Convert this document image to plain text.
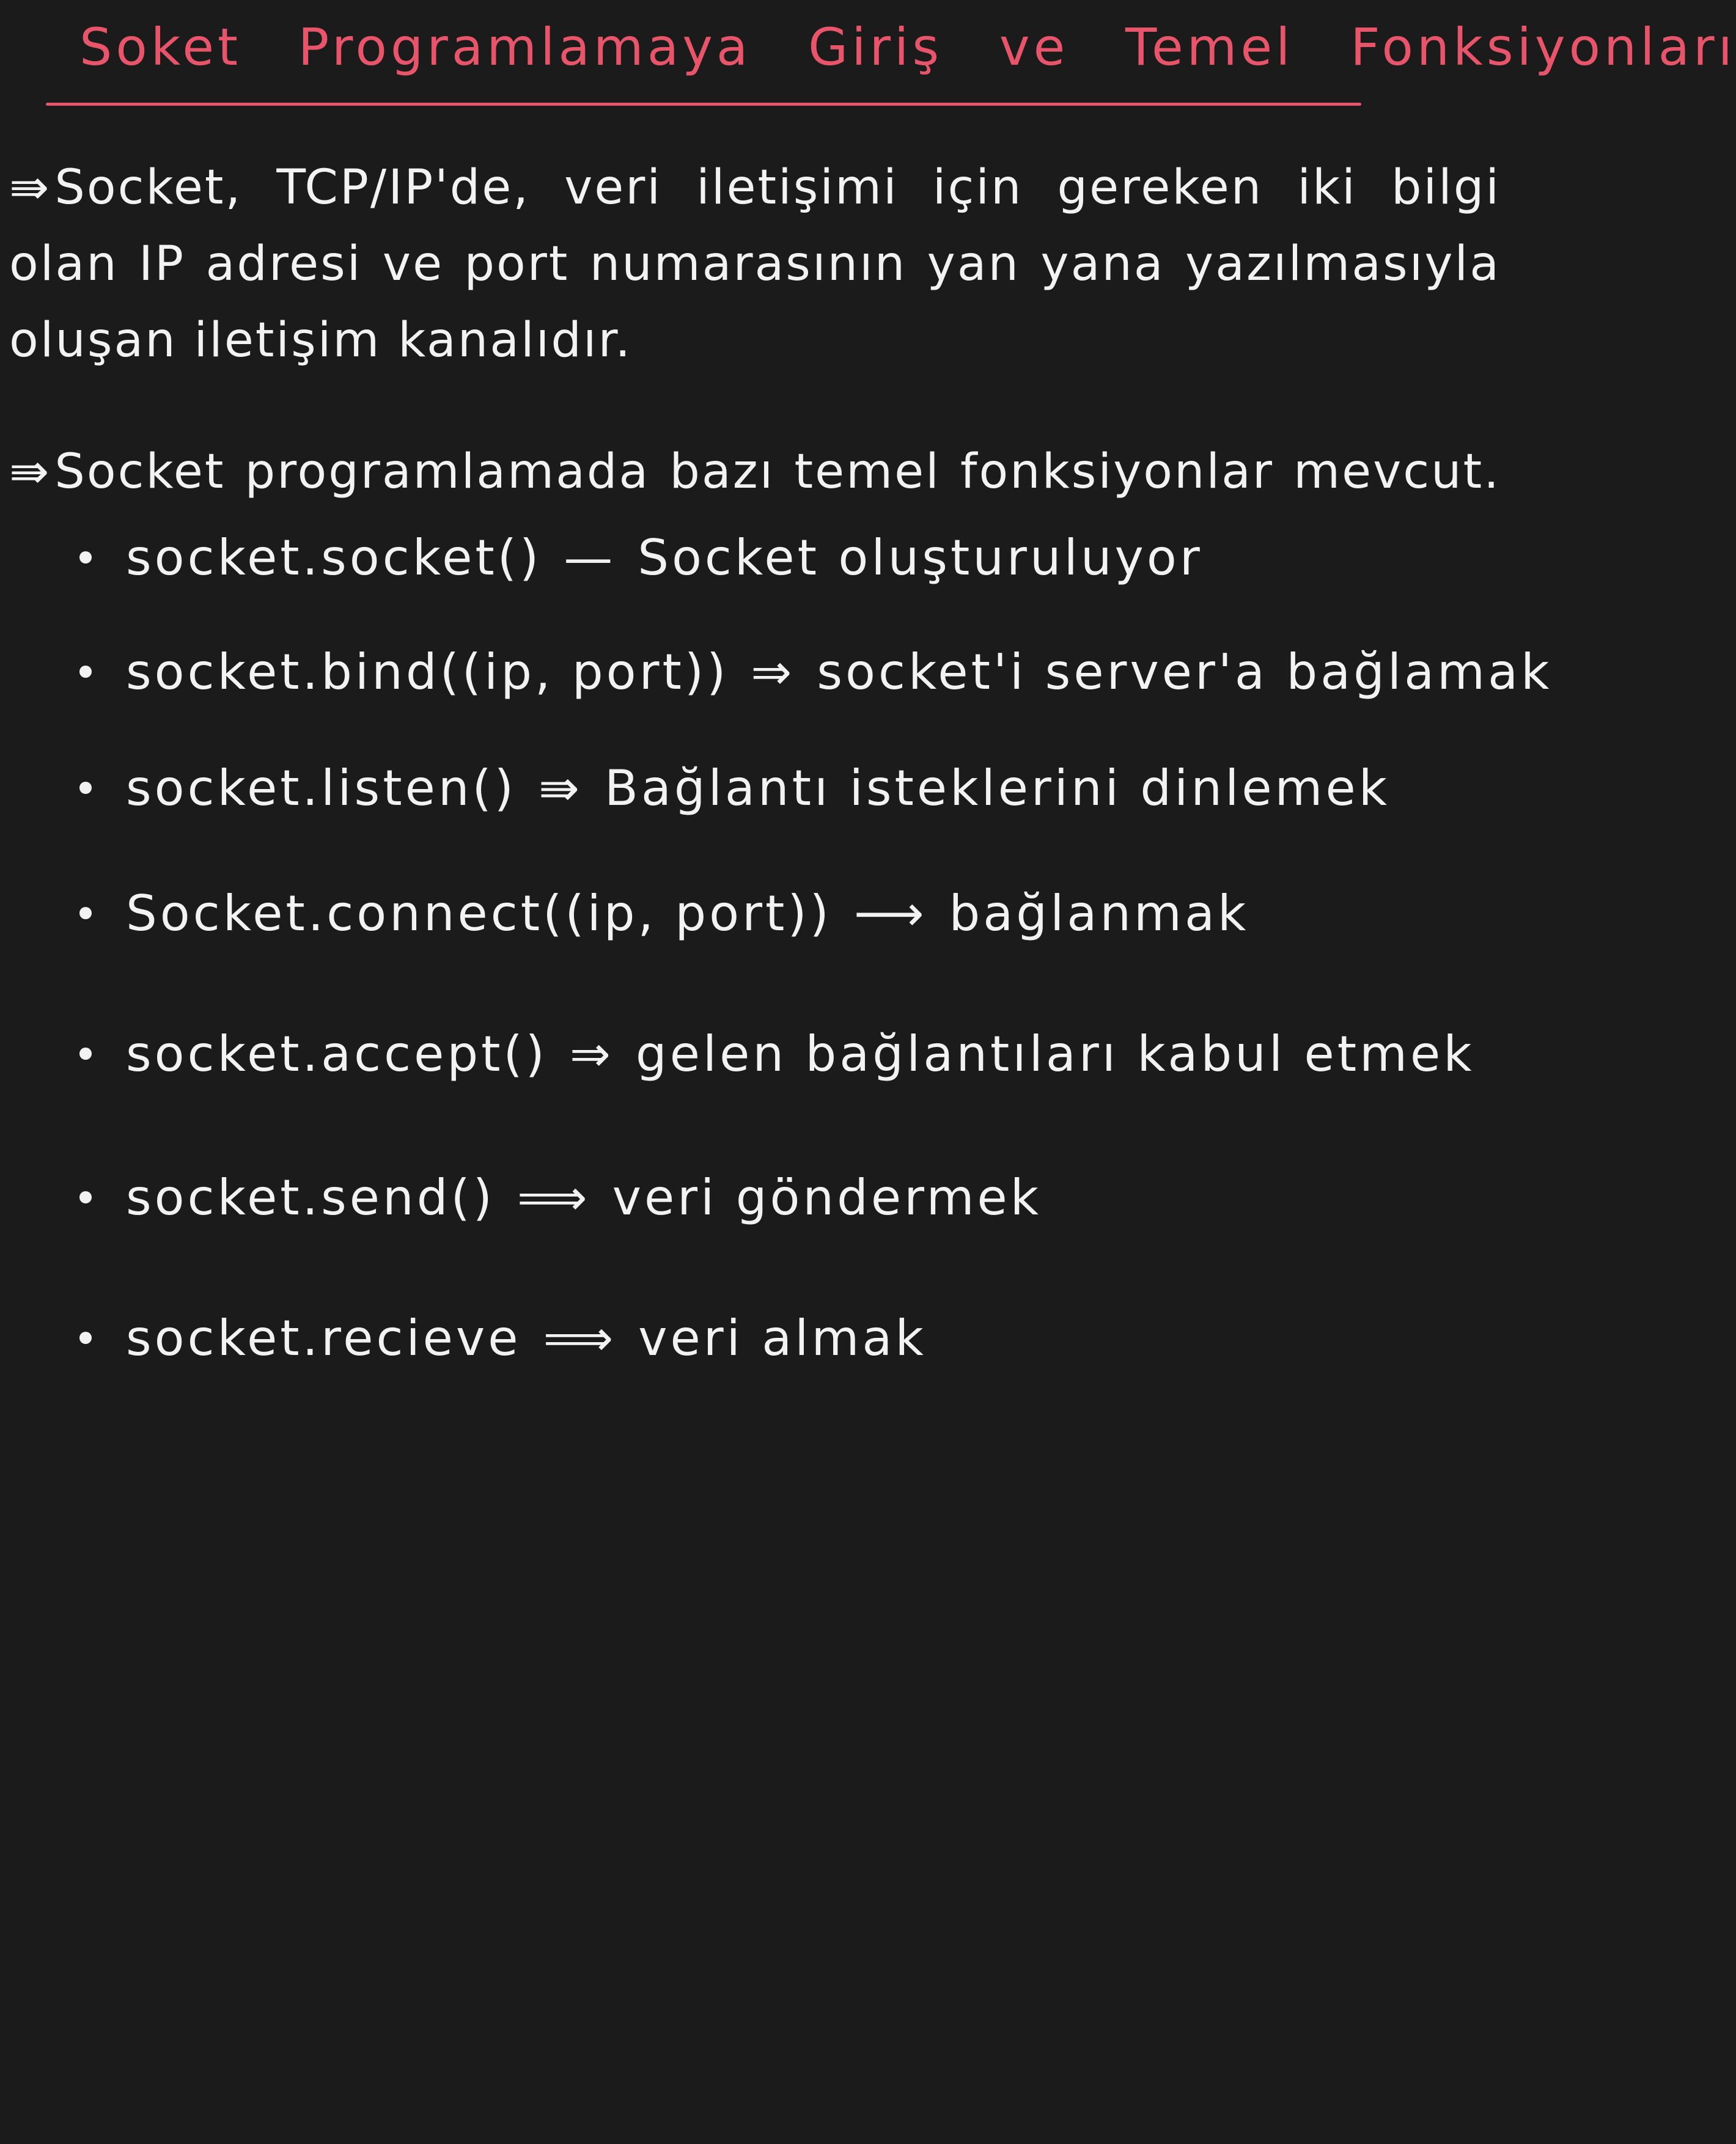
Soket Programlamaya Giriş ve Temel Fonksiyonları
⇛Socket, TCP/IP'de, veri iletişimi için gereken iki bilgi
olan IP adresi ve port numarasının yan yana yazılmasıyla
oluşan iletişim kanalıdır.
⇛Socket programlamada bazı temel fonksiyonlar mevcut.
socket.socket() — Socket oluşturuluyor
socket.bind((ip, port)) ⇒ socket'i server'a bağlamak
socket.listen() ⇛ Bağlantı isteklerini dinlemek
Socket.connect((ip, port)) ⟶ bağlanmak
socket.accept() ⇒ gelen bağlantıları kabul etmek
socket.send() ⟹ veri göndermek
socket.recieve ⟹ veri almak
